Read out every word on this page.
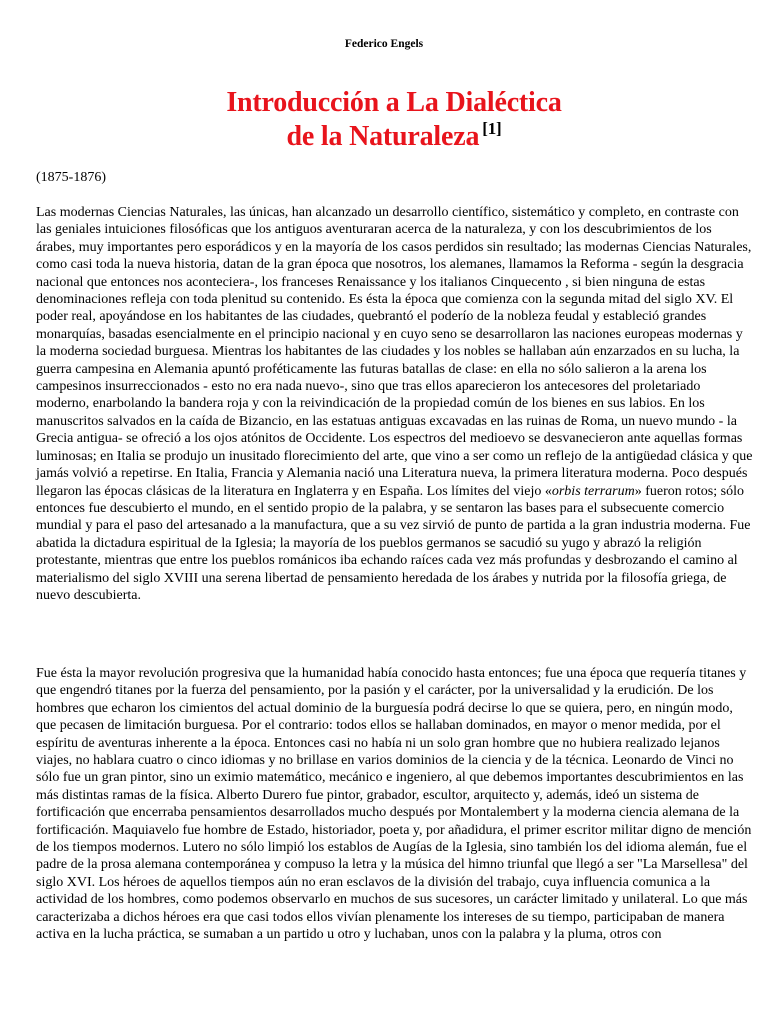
Federico Engels
Introducción a La Dialéctica
de la Naturaleza [1]
(1875-1876)

Las modernas Ciencias Naturales, las únicas, han alcanzado un desarrollo científico, sistemático y completo, en contraste con las geniales intuiciones filosóficas que los antiguos aventuraran acerca de la naturaleza, y con los descubrimientos de los árabes, muy importantes pero esporádicos y en la mayoría de los casos perdidos sin resultado; las modernas Ciencias Naturales, como casi toda la nueva historia, datan de la gran época que nosotros, los alemanes, llamamos la Reforma - según la desgracia nacional que entonces nos aconteciera-, los franceses Renaissance y los italianos Cinquecento , si bien ninguna de estas denominaciones refleja con toda plenitud su contenido. Es ésta la época que comienza con la segunda mitad del siglo XV. El poder real, apoyándose en los habitantes de las ciudades, quebrantó el poderío de la nobleza feudal y estableció grandes monarquías, basadas esencialmente en el principio nacional y en cuyo seno se desarrollaron las naciones europeas modernas y la moderna sociedad burguesa. Mientras los habitantes de las ciudades y los nobles se hallaban aún enzarzados en su lucha, la guerra campesina en Alemania apuntó proféticamente las futuras batallas de clase: en ella no sólo salieron a la arena los campesinos insurreccionados - esto no era nada nuevo-, sino que tras ellos aparecieron los antecesores del proletariado moderno, enarbolando la bandera roja y con la reivindicación de la propiedad común de los bienes en sus labios. En los manuscritos salvados en la caída de Bizancio, en las estatuas antiguas excavadas en las ruinas de Roma, un nuevo mundo - la Grecia antigua- se ofreció a los ojos atónitos de Occidente. Los espectros del medioevo se desvanecieron ante aquellas formas luminosas; en Italia se produjo un inusitado florecimiento del arte, que vino a ser como un reflejo de la antigüedad clásica y que jamás volvió a repetirse. En Italia, Francia y Alemania nació una Literatura nueva, la primera literatura moderna. Poco después llegaron las épocas clásicas de la literatura en Inglaterra y en España. Los límites del viejo «orbis terrarum» fueron rotos; sólo entonces fue descubierto el mundo, en el sentido propio de la palabra, y se sentaron las bases para el subsecuente comercio mundial y para el paso del artesanado a la manufactura, que a su vez sirvió de punto de partida a la gran industria moderna. Fue abatida la dictadura espiritual de la Iglesia; la mayoría de los pueblos germanos se sacudió su yugo y abrazó la religión protestante, mientras que entre los pueblos románicos iba echando raíces cada vez más profundas y desbrozando el camino al materialismo del siglo XVIII una serena libertad de pensamiento heredada de los árabes y nutrida por la filosofía griega, de nuevo descubierta.

Fue ésta la mayor revolución progresiva que la humanidad había conocido hasta entonces; fue una época que requería titanes y que engendró titanes por la fuerza del pensamiento, por la pasión y el carácter, por la universalidad y la erudición. De los hombres que echaron los cimientos del actual dominio de la burguesía podrá decirse lo que se quiera, pero, en ningún modo, que pecasen de limitación burguesa. Por el contrario: todos ellos se hallaban dominados, en mayor o menor medida, por el espíritu de aventuras inherente a la época. Entonces casi no había ni un solo gran hombre que no hubiera realizado lejanos viajes, no hablara cuatro o cinco idiomas y no brillase en varios dominios de la ciencia y de la técnica. Leonardo de Vinci no sólo fue un gran pintor, sino un eximio matemático, mecánico e ingeniero, al que debemos importantes descubrimientos en las más distintas ramas de la física. Alberto Durero fue pintor, grabador, escultor, arquitecto y, además, ideó un sistema de fortificación que encerraba pensamientos desarrollados mucho después por Montalembert y la moderna ciencia alemana de la fortificación. Maquiavelo fue hombre de Estado, historiador, poeta y, por añadidura, el primer escritor militar digno de mención de los tiempos modernos. Lutero no sólo limpió los establos de Augías de la Iglesia, sino también los del idioma alemán, fue el padre de la prosa alemana contemporánea y compuso la letra y la música del himno triunfal que llegó a ser "La Marsellesa" del siglo XVI. Los héroes de aquellos tiempos aún no eran esclavos de la división del trabajo, cuya influencia comunica a la actividad de los hombres, como podemos observarlo en muchos de sus sucesores, un carácter limitado y unilateral. Lo que más caracterizaba a dichos héroes era que casi todos ellos vivían plenamente los intereses de su tiempo, participaban de manera activa en la lucha práctica, se sumaban a un partido u otro y luchaban, unos con la palabra y la pluma, otros con
